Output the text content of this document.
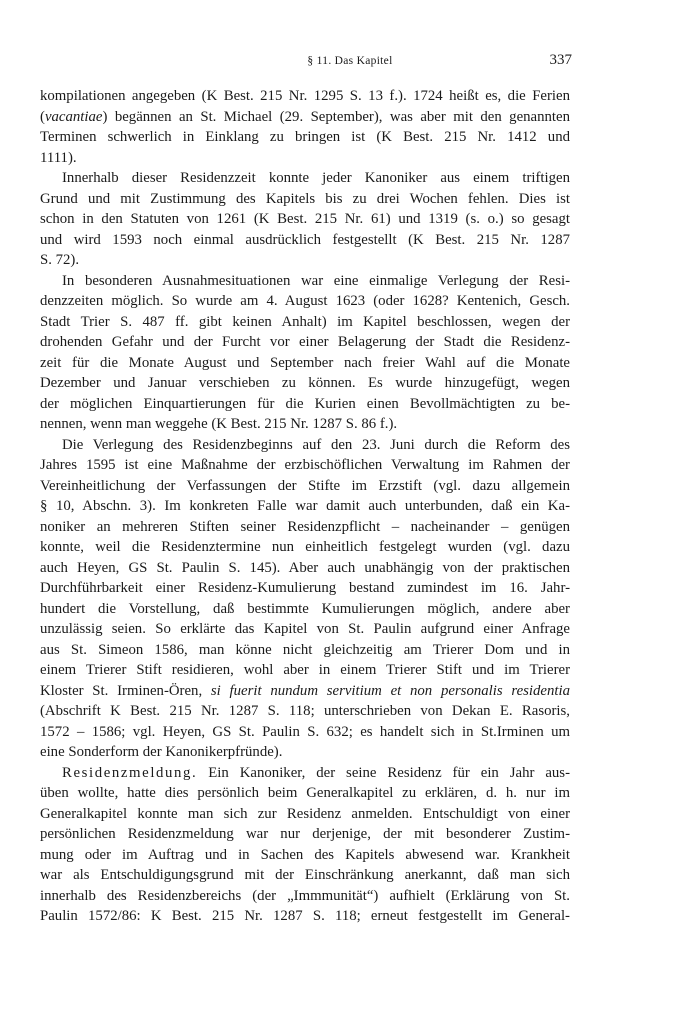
§ 11. Das Kapitel	337
kompilationen angegeben (K Best. 215 Nr. 1295 S. 13 f.). 1724 heißt es, die Ferien
(vacantiae) begännen an St. Michael (29. September), was aber mit den genannten
Terminen schwerlich in Einklang zu bringen ist (K Best. 215 Nr. 1412 und
1111).
Innerhalb dieser Residenzzeit konnte jeder Kanoniker aus einem triftigen
Grund und mit Zustimmung des Kapitels bis zu drei Wochen fehlen. Dies ist
schon in den Statuten von 1261 (K Best. 215 Nr. 61) und 1319 (s. o.) so gesagt
und wird 1593 noch einmal ausdrücklich festgestellt (K Best. 215 Nr. 1287
S. 72).
In besonderen Ausnahmesituationen war eine einmalige Verlegung der Resi-
denzzeiten möglich. So wurde am 4. August 1623 (oder 1628? Kentenich, Gesch.
Stadt Trier S. 487 ff. gibt keinen Anhalt) im Kapitel beschlossen, wegen der
drohenden Gefahr und der Furcht vor einer Belagerung der Stadt die Residenz-
zeit für die Monate August und September nach freier Wahl auf die Monate
Dezember und Januar verschieben zu können. Es wurde hinzugefügt, wegen
der möglichen Einquartierungen für die Kurien einen Bevollmächtigten zu be-
nennen, wenn man weggehe (K Best. 215 Nr. 1287 S. 86 f.).
Die Verlegung des Residenzbeginns auf den 23. Juni durch die Reform des
Jahres 1595 ist eine Maßnahme der erzbischöflichen Verwaltung im Rahmen der
Vereinheitlichung der Verfassungen der Stifte im Erzstift (vgl. dazu allgemein
§ 10, Abschn. 3). Im konkreten Falle war damit auch unterbunden, daß ein Ka-
noniker an mehreren Stiften seiner Residenzpflicht – nacheinander – genügen
konnte, weil die Residenztermine nun einheitlich festgelegt wurden (vgl. dazu
auch Heyen, GS St. Paulin S. 145). Aber auch unabhängig von der praktischen
Durchführbarkeit einer Residenz-Kumulierung bestand zumindest im 16. Jahr-
hundert die Vorstellung, daß bestimmte Kumulierungen möglich, andere aber
unzulässig seien. So erklärte das Kapitel von St. Paulin aufgrund einer Anfrage
aus St. Simeon 1586, man könne nicht gleichzeitig am Trierer Dom und in
einem Trierer Stift residieren, wohl aber in einem Trierer Stift und im Trierer
Kloster St. Irminen-Ören, si fuerit nundum servitium et non personalis residentia
(Abschrift K Best. 215 Nr. 1287 S. 118; unterschrieben von Dekan E. Rasoris,
1572 – 1586; vgl. Heyen, GS St. Paulin S. 632; es handelt sich in St.Irminen um
eine Sonderform der Kanonikerpfründe).
Residenzmeldung. Ein Kanoniker, der seine Residenz für ein Jahr aus-
üben wollte, hatte dies persönlich beim Generalkapitel zu erklären, d. h. nur im
Generalkapitel konnte man sich zur Residenz anmelden. Entschuldigt von einer
persönlichen Residenzmeldung war nur derjenige, der mit besonderer Zustim-
mung oder im Auftrag und in Sachen des Kapitels abwesend war. Krankheit
war als Entschuldigungsgrund mit der Einschränkung anerkannt, daß man sich
innerhalb des Residenzbereichs (der „Immmunität“) aufhielt (Erklärung von St.
Paulin 1572/86: K Best. 215 Nr. 1287 S. 118; erneut festgestellt im General-
